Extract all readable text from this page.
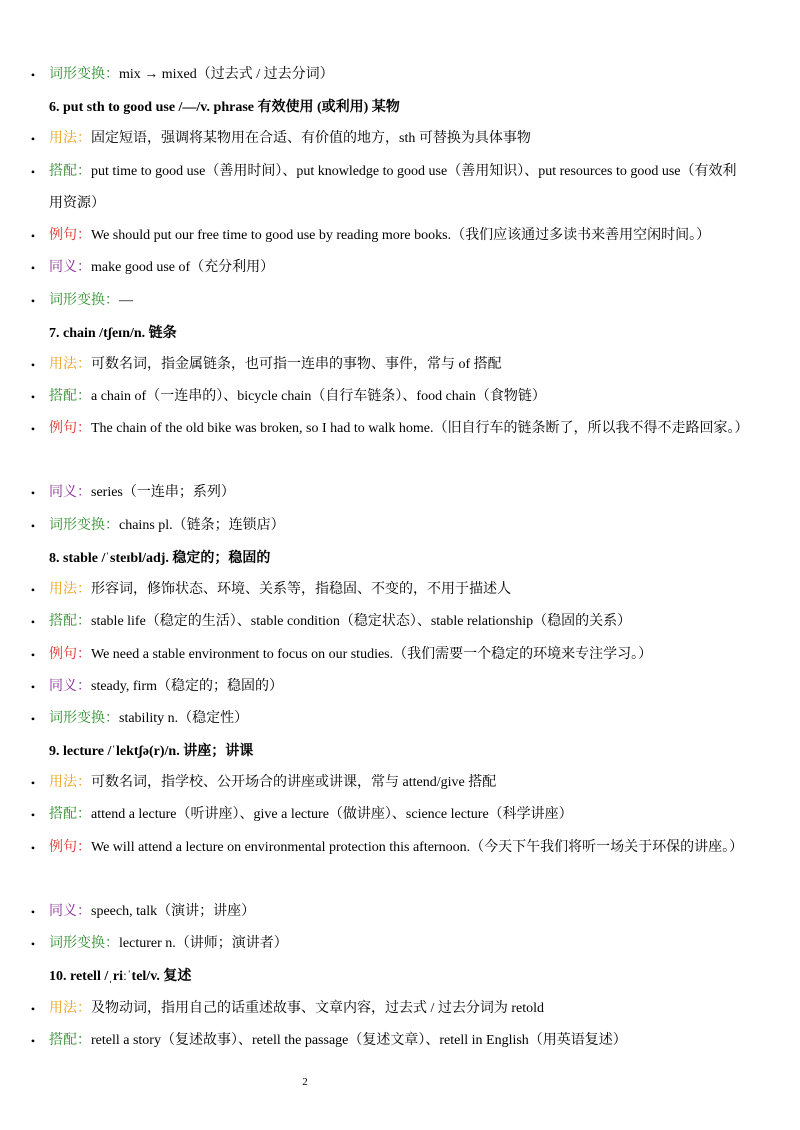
• 词形变换：mix → mixed（过去式 / 过去分词）
6. put sth to good use /—/v. phrase 有效使用 (或利用) 某物
• 用法：固定短语，强调将某物用在合适、有价值的地方，sth 可替换为具体事物
• 搭配：put time to good use（善用时间）、put knowledge to good use（善用知识）、put resources to good use（有效利用资源）
• 例句：We should put our free time to good use by reading more books.（我们应该通过多读书来善用空闲时间。）
• 同义：make good use of（充分利用）
• 词形变换：—
7. chain /tʃeɪn/n. 链条
• 用法：可数名词，指金属链条，也可指一连串的事物、事件，常与 of 搭配
• 搭配：a chain of（一连串的）、bicycle chain（自行车链条）、food chain（食物链）
• 例句：The chain of the old bike was broken, so I had to walk home.（旧自行车的链条断了，所以我不得不走路回家。）
• 同义：series（一连串；系列）
• 词形变换：chains pl.（链条；连锁店）
8. stable /ˈsteɪbl/adj. 稳定的；稳固的
• 用法：形容词，修饰状态、环境、关系等，指稳固、不变的，不用于描述人
• 搭配：stable life（稳定的生活）、stable condition（稳定状态）、stable relationship（稳固的关系）
• 例句：We need a stable environment to focus on our studies.（我们需要一个稳定的环境来专注学习。）
• 同义：steady, firm（稳定的；稳固的）
• 词形变换：stability n.（稳定性）
9. lecture /ˈlektʃə(r)/n. 讲座；讲课
• 用法：可数名词，指学校、公开场合的讲座或讲课，常与 attend/give 搭配
• 搭配：attend a lecture（听讲座）、give a lecture（做讲座）、science lecture（科学讲座）
• 例句：We will attend a lecture on environmental protection this afternoon.（今天下午我们将听一场关于环保的讲座。）
• 同义：speech, talk（演讲；讲座）
• 词形变换：lecturer n.（讲师；演讲者）
10. retell /ˌriːˈtel/v. 复述
• 用法：及物动词，指用自己的话重述故事、文章内容，过去式 / 过去分词为 retold
• 搭配：retell a story（复述故事）、retell the passage（复述文章）、retell in English（用英语复述）
2
